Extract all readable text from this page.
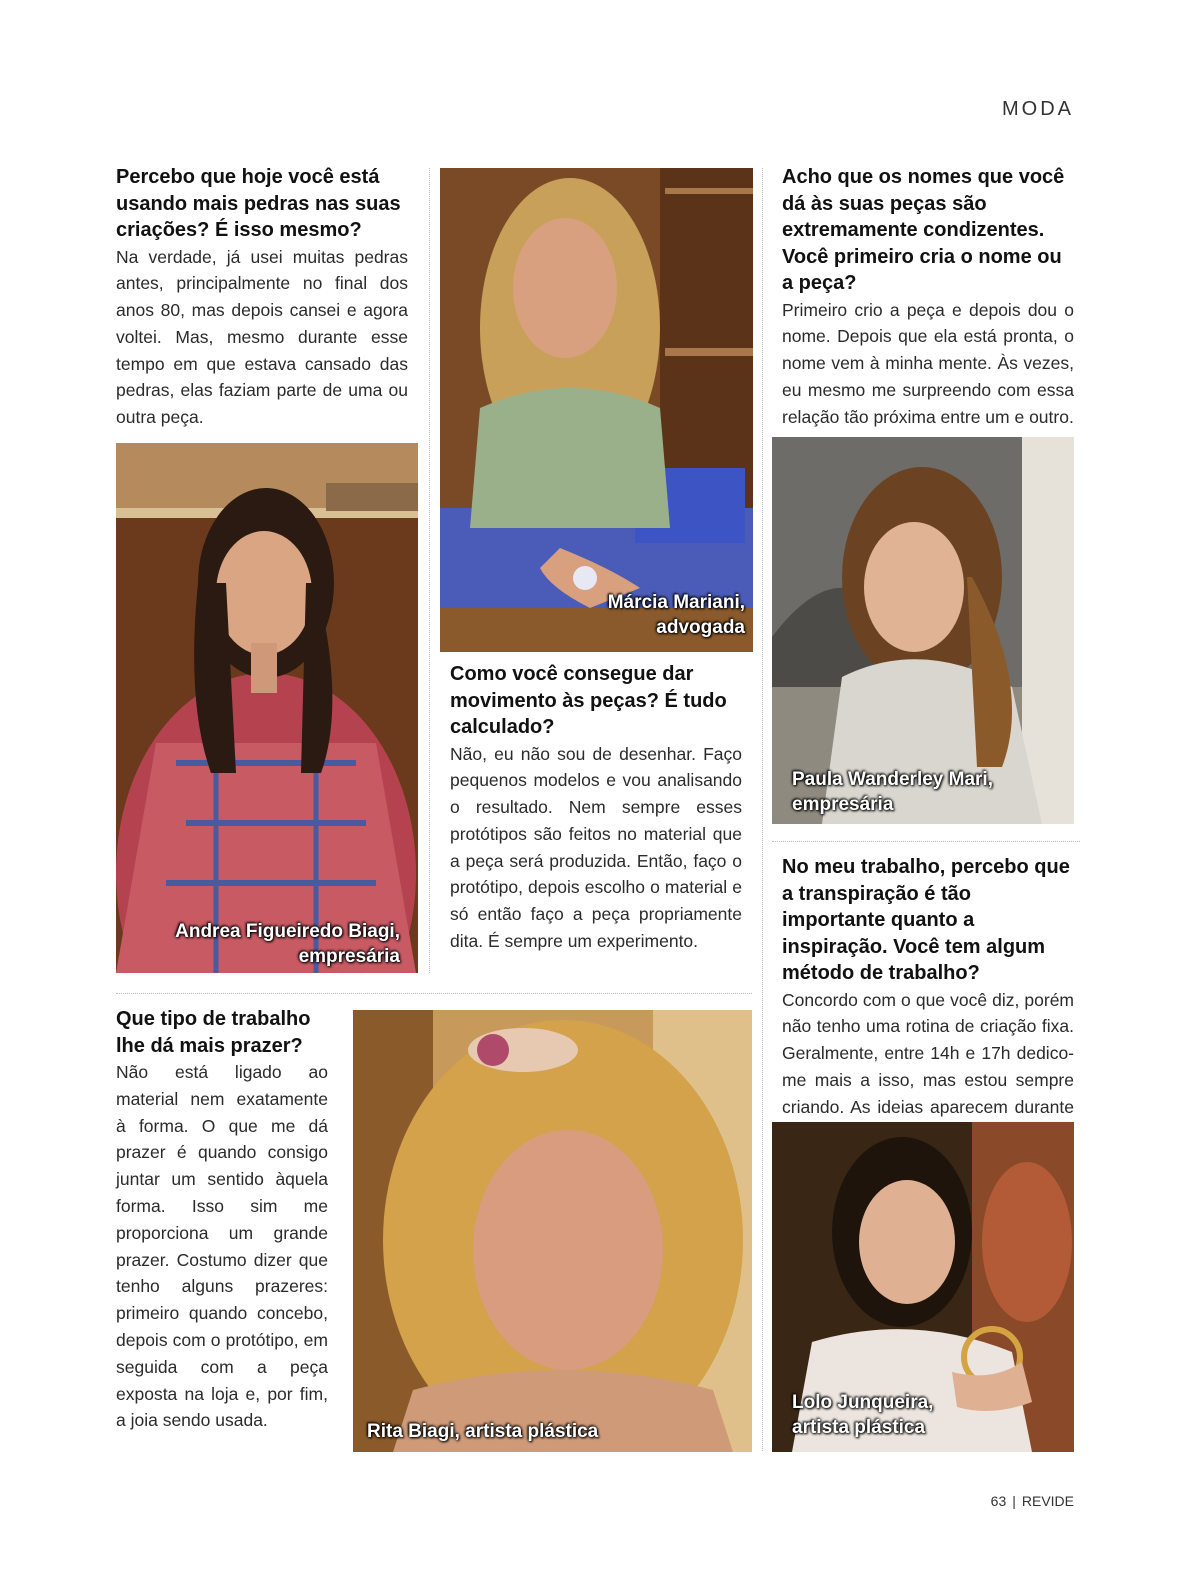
MODA

Percebo que hoje você está usando mais pedras nas suas criações? É isso mesmo?

Na verdade, já usei muitas pedras antes, principalmente no final dos anos 80, mas depois cansei e agora voltei. Mas, mesmo durante esse tempo em que estava cansado das pedras, elas faziam parte de uma ou outra peça.

Andrea Figueiredo Biagi,
empresária
Márcia Mariani,
advogada

Como você consegue dar movimento às peças? É tudo calculado?

Não, eu não sou de desenhar. Faço pequenos modelos e vou analisando o resultado. Nem sempre esses protótipos são feitos no material que a peça será produzida. Então, faço o protótipo, depois escolho o material e só então faço a peça propriamente dita. É sempre um experimento.

Acho que os nomes que você dá às suas peças são extremamente condizentes. Você primeiro cria o nome ou a peça?

Primeiro crio a peça e depois dou o nome. Depois que ela está pronta, o nome vem à minha mente. Às vezes, eu mesmo me surpreendo com essa relação tão próxima entre um e outro.

Paula Wanderley Mari,
empresária

No meu trabalho, percebo que a transpiração é tão importante quanto a inspiração. Você tem algum método de trabalho?

Concordo com o que você diz, porém não tenho uma rotina de criação fixa. Geralmente, entre 14h e 17h dedico-me mais a isso, mas estou sempre criando. As ideias aparecem durante

Que tipo de trabalho lhe dá mais prazer?

Não está ligado ao material nem exatamente à forma. O que me dá prazer é quando consigo juntar um sentido àquela forma. Isso sim me proporciona um grande prazer. Costumo dizer que tenho alguns prazeres: primeiro quando concebo, depois com o protótipo, em seguida com a peça exposta na loja e, por fim, a joia sendo usada.

Rita Biagi, artista plástica
Lolo Junqueira,
artista plástica
63 | REVIDE
